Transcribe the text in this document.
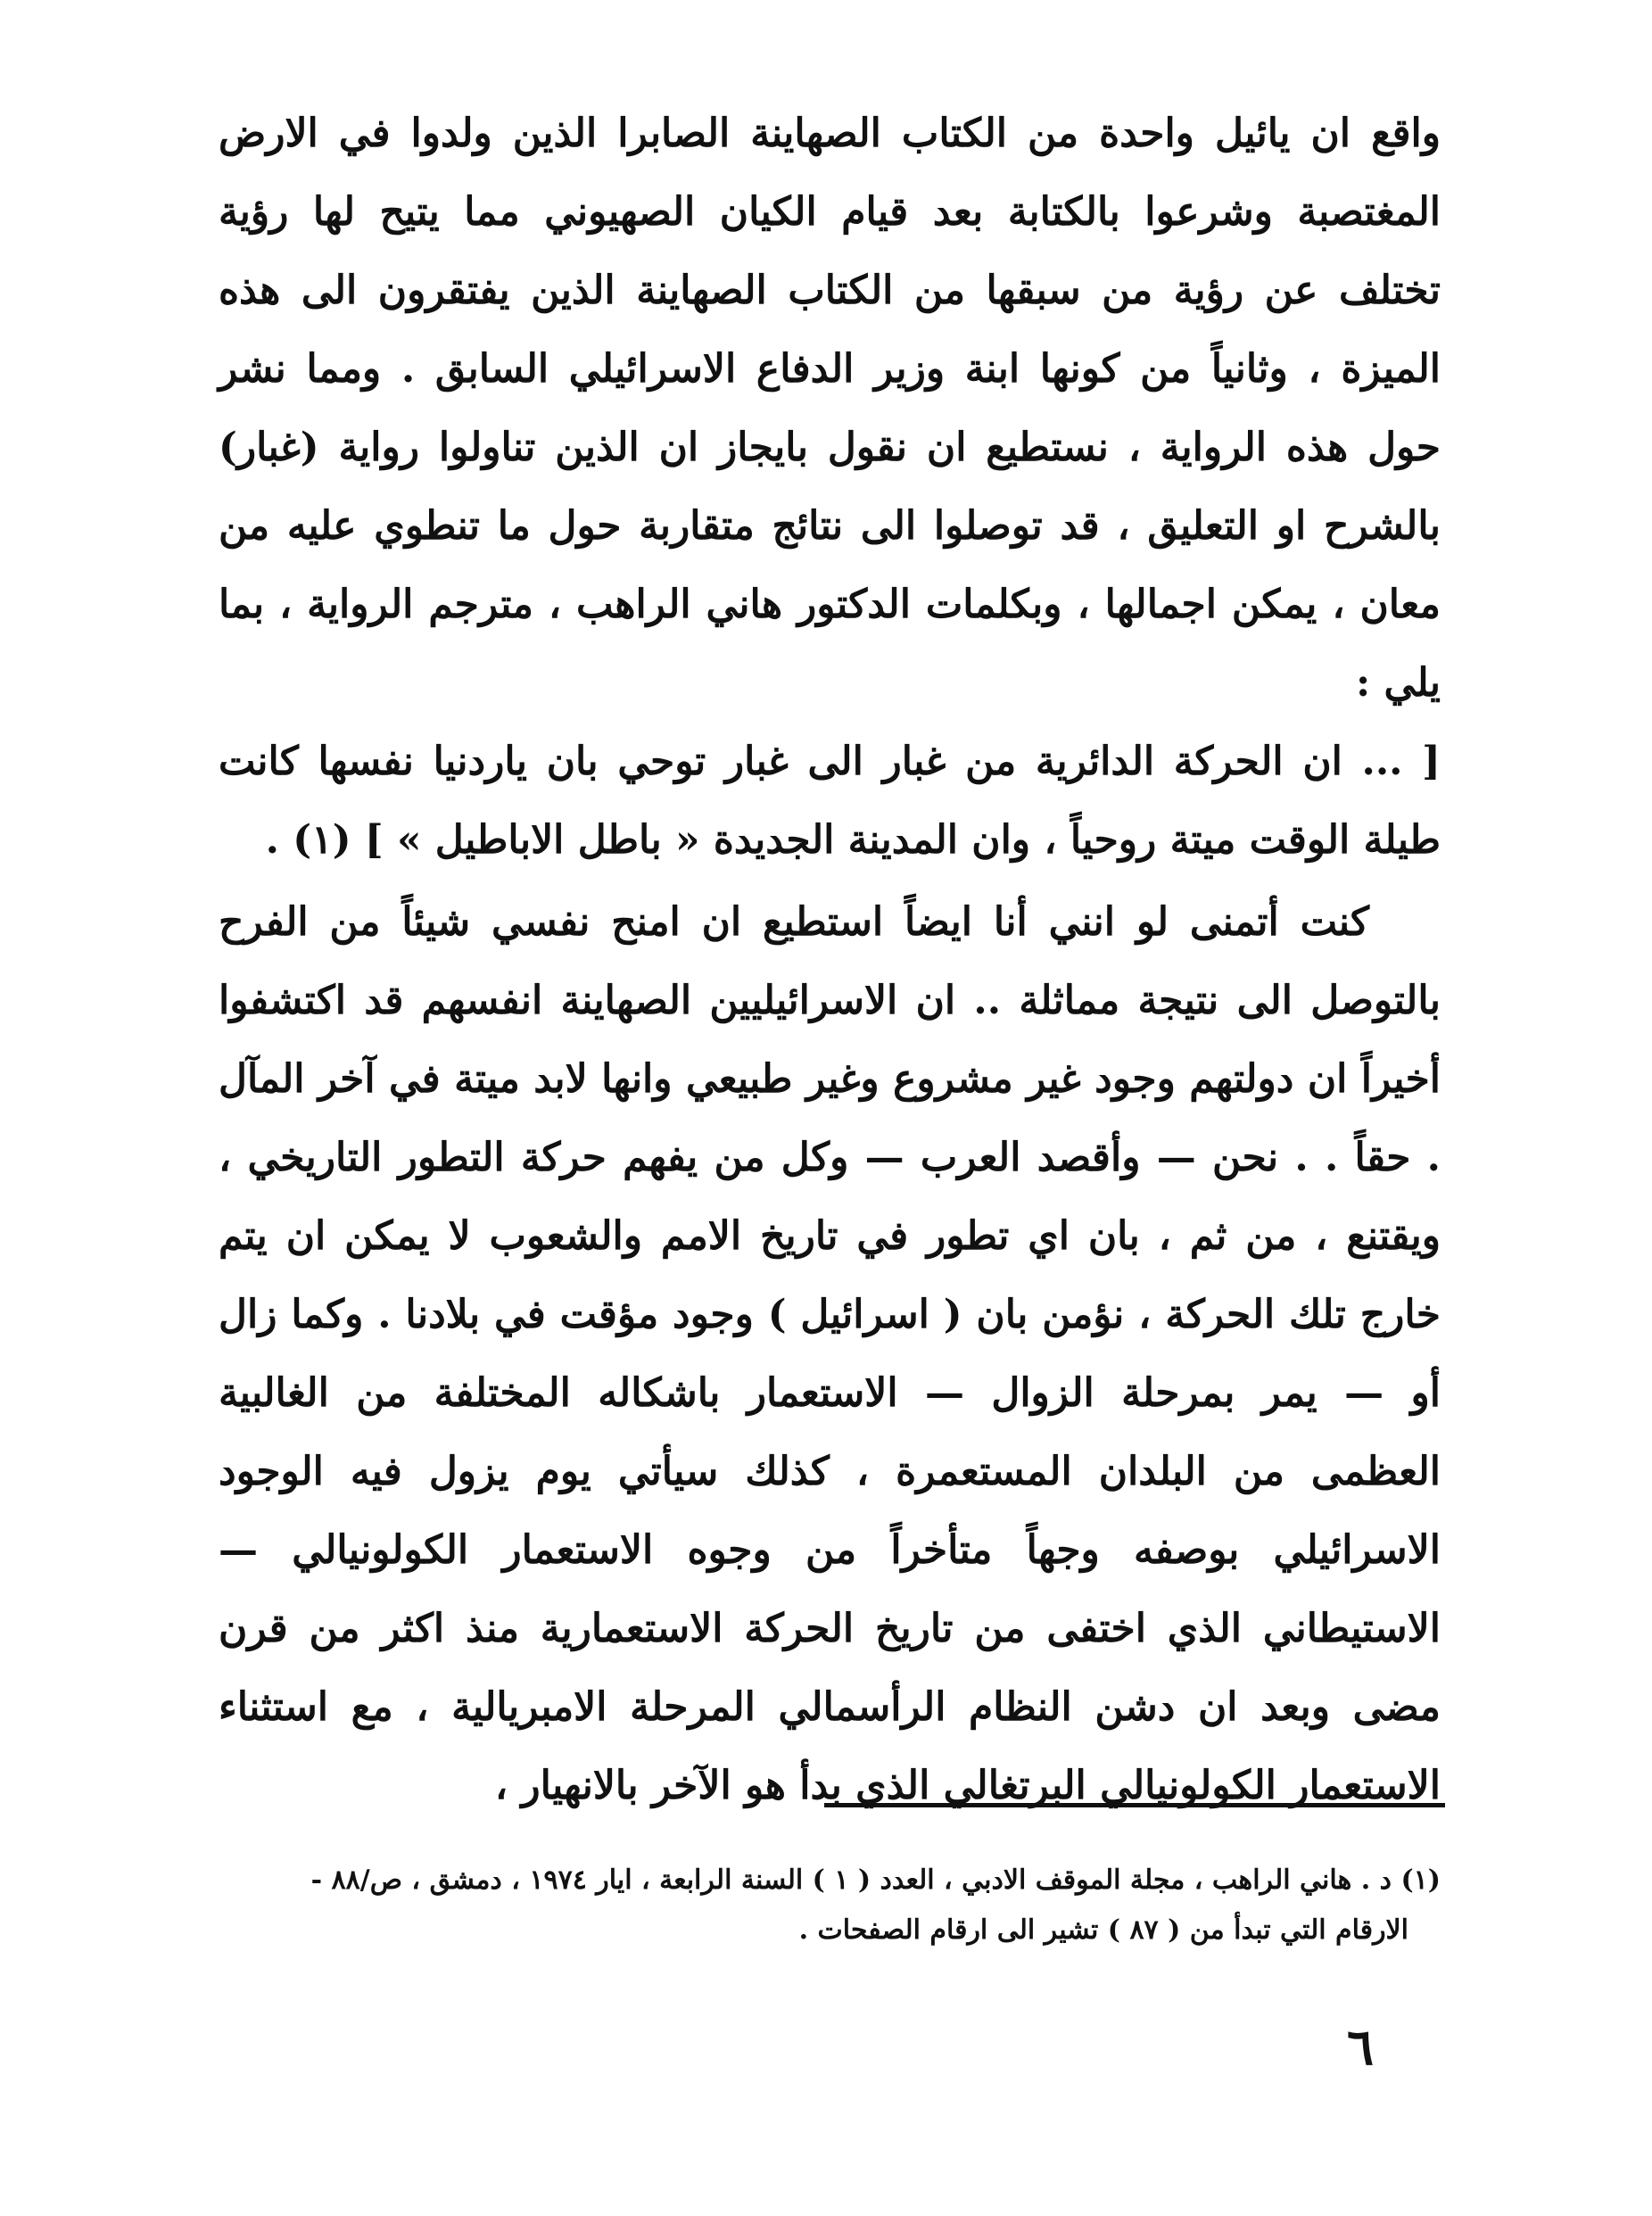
واقع ان يائيل واحدة من الكتاب الصهاينة الصابرا الذين ولدوا في الارض المغتصبة وشرعوا بالكتابة بعد قيام الكيان الصهيوني مما يتيح لها رؤية تختلف عن رؤية من سبقها من الكتاب الصهاينة الذين يفتقرون الى هذه الميزة ، وثانياً من كونها ابنة وزير الدفاع الاسرائيلي السابق . ومما نشر حول هذه الرواية ، نستطيع ان نقول بايجاز ان الذين تناولوا رواية (غبار) بالشرح او التعليق ، قد توصلوا الى نتائج متقاربة حول ما تنطوي عليه من معان ، يمكن اجمالها ، وبكلمات الدكتور هاني الراهب ، مترجم الرواية ، بما يلي :

[ ... ان الحركة الدائرية من غبار الى غبار توحي بان ياردنيا نفسها كانت طيلة الوقت ميتة روحياً ، وان المدينة الجديدة « باطل الاباطيل » ] (١) .

كنت أتمنى لو انني أنا ايضاً استطيع ان امنح نفسي شيئاً من الفرح بالتوصل الى نتيجة مماثلة .. ان الاسرائيليين الصهاينة انفسهم قد اكتشفوا أخيراً ان دولتهم وجود غير مشروع وغير طبيعي وانها لابد ميتة في آخر المآل . حقاً . . نحن — وأقصد العرب — وكل من يفهم حركة التطور التاريخي ، ويقتنع ، من ثم ، بان اي تطور في تاريخ الامم والشعوب لا يمكن ان يتم خارج تلك الحركة ، نؤمن بان ( اسرائيل ) وجود مؤقت في بلادنا . وكما زال أو — يمر بمرحلة الزوال — الاستعمار باشكاله المختلفة من الغالبية العظمى من البلدان المستعمرة ، كذلك سيأتي يوم يزول فيه الوجود الاسرائيلي بوصفه وجهاً متأخراً من وجوه الاستعمار الكولونيالي — الاستيطاني الذي اختفى من تاريخ الحركة الاستعمارية منذ اكثر من قرن مضى وبعد ان دشن النظام الرأسمالي المرحلة الامبريالية ، مع استثناء الاستعمار الكولونيالي البرتغالي الذي بدأ هو الآخر بالانهيار ،

(١) د . هاني الراهب ، مجلة الموقف الادبي ، العدد ( ١ ) السنة الرابعة ، ايار ١٩٧٤ ، دمشق ، ص/٨٨ -

الارقام التي تبدأ من ( ٨٧ ) تشير الى ارقام الصفحات .

٦
